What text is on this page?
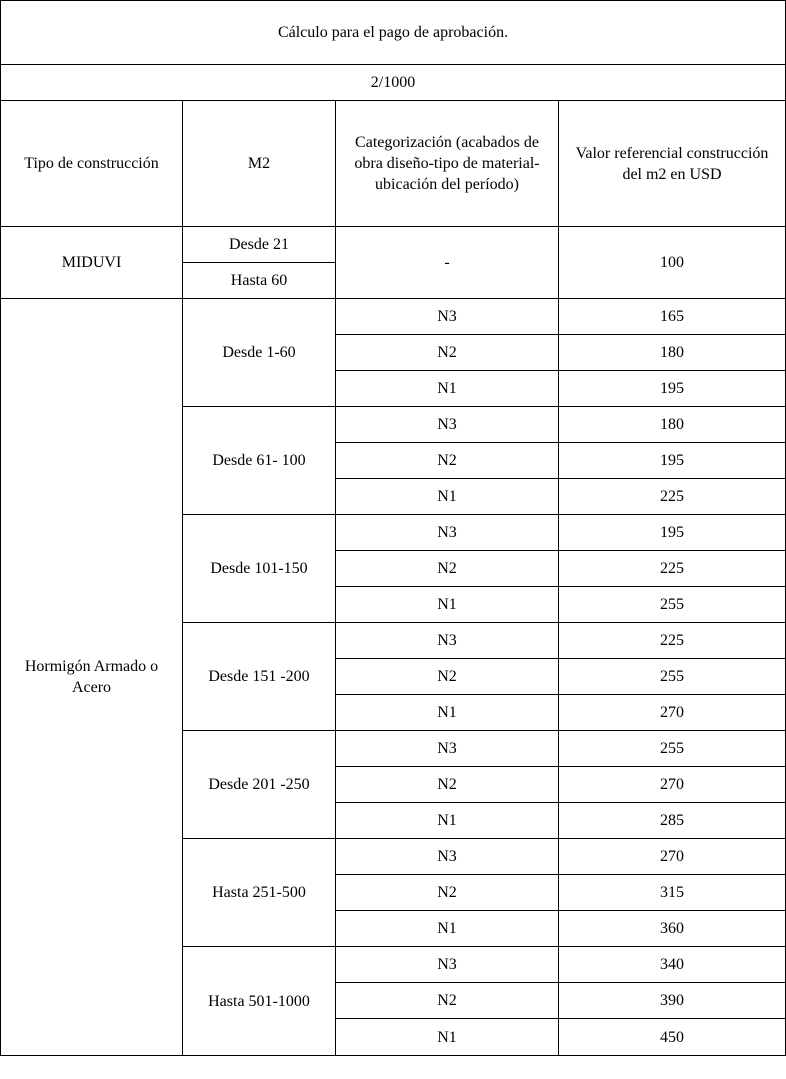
Cálculo para el pago de aprobación.			
2/1000			
Tipo de construcción	M2	Categorización (acabados de obra diseño-tipo de material-ubicación del período)	Valor referencial construcción del m2 en USD
MIDUVI	Desde 21	-	100
	Hasta 60		
Hormigón Armado o Acero	Desde 1-60	N3	165
		N2	180
		N1	195
	Desde 61- 100	N3	180
		N2	195
		N1	225
	Desde 101-150	N3	195
		N2	225
		N1	255
	Desde 151 -200	N3	225
		N2	255
		N1	270
	Desde 201 -250	N3	255
		N2	270
		N1	285
	Hasta 251-500	N3	270
		N2	315
		N1	360
	Hasta 501-1000	N3	340
		N2	390
		N1	450
